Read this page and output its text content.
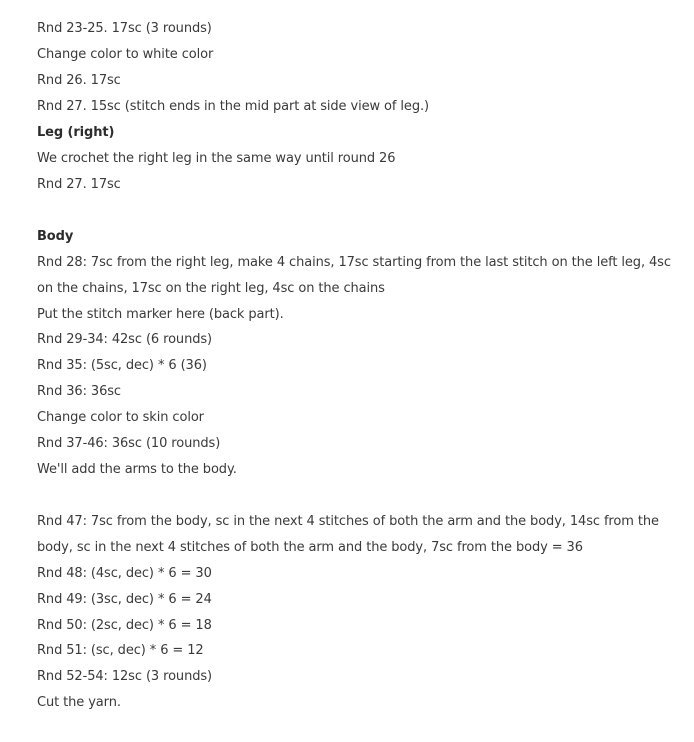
Rnd 23-25. 17sc (3 rounds)
Change color to white color
Rnd 26. 17sc
Rnd 27. 15sc (stitch ends in the mid part at side view of leg.)
Leg (right)
We crochet the right leg in the same way until round 26
Rnd 27. 17sc
Body
Rnd 28: 7sc from the right leg, make 4 chains, 17sc starting from the last stitch on the left leg, 4sc
on the chains, 17sc on the right leg, 4sc on the chains
Put the stitch marker here (back part).
Rnd 29-34: 42sc (6 rounds)
Rnd 35: (5sc, dec) * 6 (36)
Rnd 36: 36sc
Change color to skin color
Rnd 37-46: 36sc (10 rounds)
We'll add the arms to the body.
Rnd 47: 7sc from the body, sc in the next 4 stitches of both the arm and the body, 14sc from the
body, sc in the next 4 stitches of both the arm and the body, 7sc from the body = 36
Rnd 48: (4sc, dec) * 6 = 30
Rnd 49: (3sc, dec) * 6 = 24
Rnd 50: (2sc, dec) * 6 = 18
Rnd 51: (sc, dec) * 6 = 12
Rnd 52-54: 12sc (3 rounds)
Cut the yarn.
